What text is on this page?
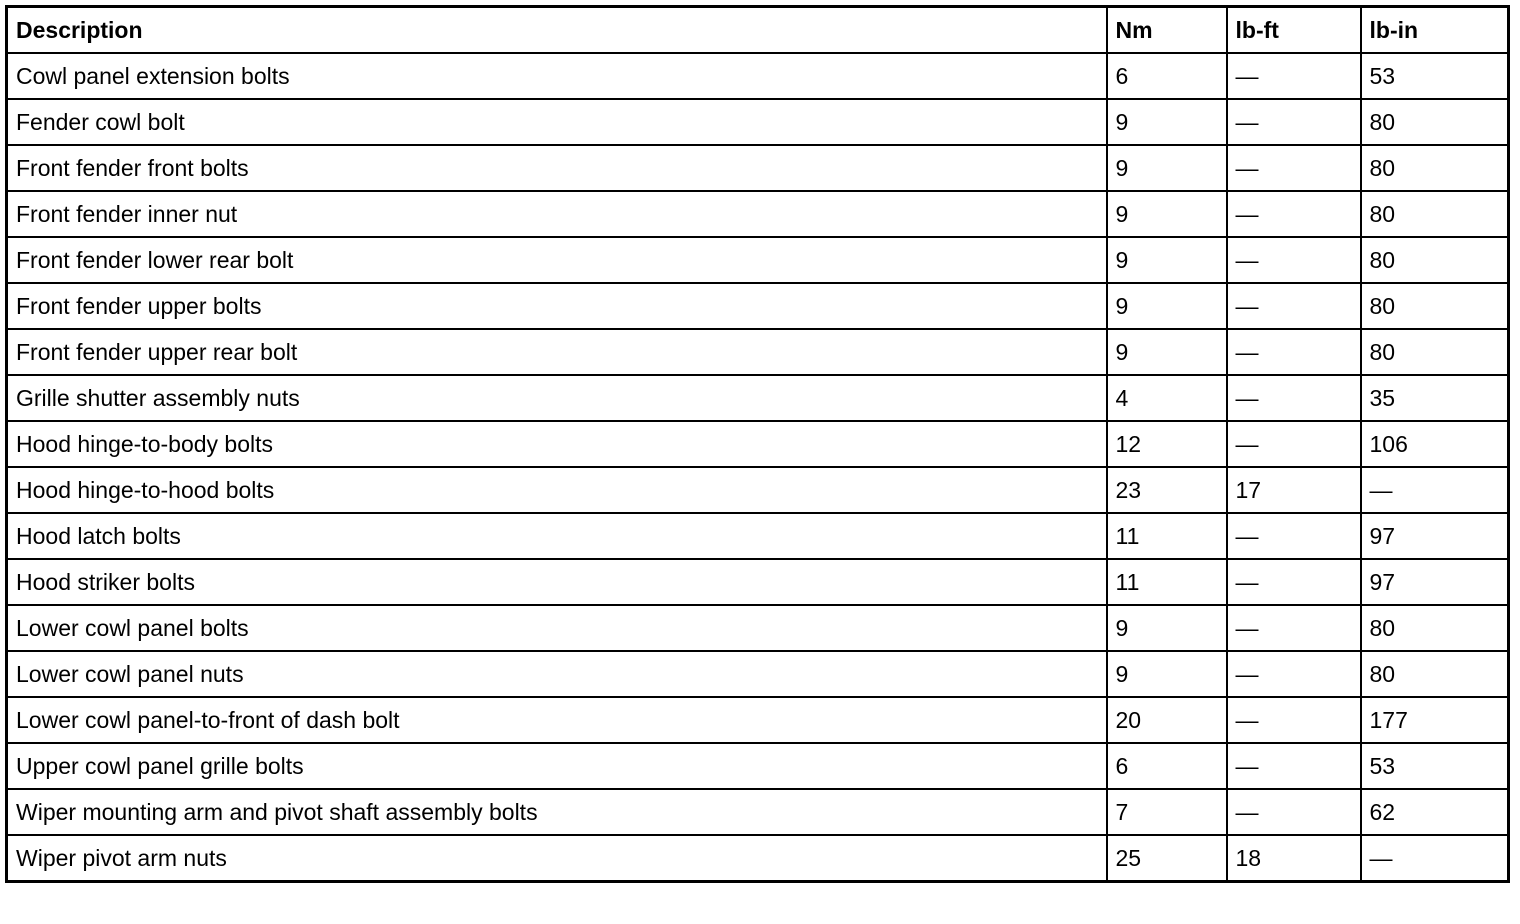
Description	Nm	lb-ft	lb-in
Cowl panel extension bolts	6	—	53
Fender cowl bolt	9	—	80
Front fender front bolts	9	—	80
Front fender inner nut	9	—	80
Front fender lower rear bolt	9	—	80
Front fender upper bolts	9	—	80
Front fender upper rear bolt	9	—	80
Grille shutter assembly nuts	4	—	35
Hood hinge-to-body bolts	12	—	106
Hood hinge-to-hood bolts	23	17	—
Hood latch bolts	11	—	97
Hood striker bolts	11	—	97
Lower cowl panel bolts	9	—	80
Lower cowl panel nuts	9	—	80
Lower cowl panel-to-front of dash bolt	20	—	177
Upper cowl panel grille bolts	6	—	53
Wiper mounting arm and pivot shaft assembly bolts	7	—	62
Wiper pivot arm nuts	25	18	—
